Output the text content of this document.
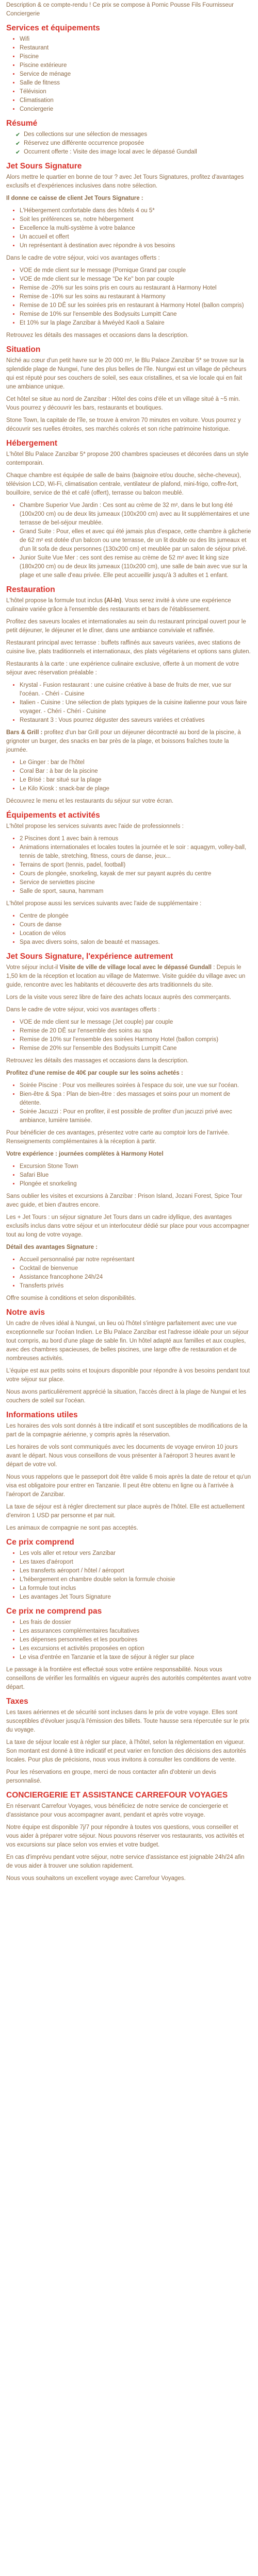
Description & ce compte-rendu ! Ce prix se compose à Pornic Pousse Fils Fournisseur Conciergerie

Services et équipements
• Wifi
• Restaurant
• Piscine
• Piscine extérieure
• Service de ménage
• Salle de fitness
• Télévision
• Climatisation
• Conciergerie
Résumé
✔ Des collections sur une sélection de messages
✔ Réservez une différente occurrence proposée
✔ Occurrent offerte : Visite des image local avec le dépassé Gundall
Jet Sours Signature

Alors mettre le quartier en bonne de tour ? avec Jet Tours Signatures, profitez d'avantages exclusifs et d'expériences inclusives dans notre sélection.

Il donne ce caisse de client Jet Tours Signature :

• L'Hébergement confortable dans des hôtels 4 ou 5*
• Soit les préférences se, notre hébergement
• Excellence la multi-système à votre balance
• Un accueil et offert
• Un représentant à destination avec répondre à vos besoins

Dans le cadre de votre séjour, voici vos avantages offerts :

• VOE de mde client sur le message (Pornique Grand par couple
• VOE de mde client sur le message "De Ke" bon par couple
• Remise de -20% sur les soins pris en cours au restaurant à Harmony Hotel
• Remise de -10% sur les soins au restaurant à Harmony
• Remise de 10 DÊ sur les soirées pris en restaurant à Harmony Hotel (ballon compris)
• Remise de 10% sur l'ensemble des Bodysuits Lumpitt Cane
• Et 10% sur la plage Zanzibar à Mwéyèd Kaoli a Salaire

Retrouvez les détails des massages et occasions dans la description.

Situation

Niché au cœur d'un petit havre sur le 20 000 m², le Blu Palace Zanzibar 5* se trouve sur la splendide plage de Nungwi, l'une des plus belles de l'île. Nungwi est un village de pêcheurs qui est réputé pour ses couchers de soleil, ses eaux cristallines, et sa vie locale qui en fait une ambiance unique.

Cet hôtel se situe au nord de Zanzibar : Hôtel des coins d'éle et un village situé à ~5 min. Vous pourrez y découvrir les bars, restaurants et boutiques.

Stone Town, la capitale de l'île, se trouve à environ 70 minutes en voiture. Vous pourrez y découvrir ses ruelles étroites, ses marchés colorés et son riche patrimoine historique.

Hébergement

L'hôtel Blu Palace Zanzibar 5* propose 200 chambres spacieuses et décorées dans un style contemporain.

Chaque chambre est équipée de salle de bains (baignoire et/ou douche, sèche-cheveux), télévision LCD, Wi-Fi, climatisation centrale, ventilateur de plafond, mini-frigo, coffre-fort, bouilloire, service de thé et café (offert), terrasse ou balcon meublé.

• Chambre Superior Vue Jardin : Ces sont au crème de 32 m², dans le but long été (100x200 cm) ou de deux lits jumeaux (100x200 cm) avec au lit supplémentaires et une terrasse de bel-séjour meublée.
• Grand Suite : Pour, elles et avec qui été jamais plus d'espace, cette chambre à gâcherie de 62 m² est dotée d'un balcon ou une terrasse, de un lit double ou des lits jumeaux et d'un lit sofa de deux personnes (130x200 cm) et meublée par un salon de séjour privé.
• Junior Suite Vue Mer : ces sont des remise au crème de 52 m² avec lit king size (180x200 cm) ou de deux lits jumeaux (110x200 cm), une salle de bain avec vue sur la plage et une salle d'eau privée. Elle peut accueillir jusqu'à 3 adultes et 1 enfant.
Restauration

L'hôtel propose la formule tout inclus (Al-In). Vous serez invité à vivre une expérience culinaire variée grâce à l'ensemble des restaurants et bars de l'établissement.

Profitez des saveurs locales et internationales au sein du restaurant principal ouvert pour le petit déjeuner, le déjeuner et le dîner, dans une ambiance conviviale et raffinée.

Restaurant principal avec terrasse : buffets raffinés aux saveurs variées, avec stations de cuisine live, plats traditionnels et internationaux, des plats végétariens et options sans gluten.

Restaurants à la carte : une expérience culinaire exclusive, offerte à un moment de votre séjour avec réservation préalable :

• Krystal - Fusion restaurant : une cuisine créative à base de fruits de mer, vue sur l'océan. - Chéri - Cuisine
• Italien - Cuisine : Une sélection de plats typiques de la cuisine italienne pour vous faire voyager. - Chéri - Chéri - Cuisine
• Restaurant 3 : Vous pourrez déguster des saveurs variées et créatives

Bars & Grill : profitez d'un bar Grill pour un déjeuner décontracté au bord de la piscine, à grignoter un burger, des snacks en bar près de la plage, et boissons fraîches toute la journée.

• Le Ginger : bar de l'hôtel
• Coral Bar : à bar de la piscine
• Le Brisé : bar situé sur la plage
• Le Kilo Kiosk : snack-bar de plage

Découvrez le menu et les restaurants du séjour sur votre écran.

Équipements et activités

L'hôtel propose les services suivants avec l'aide de professionnels :

• 2 Piscines dont 1 avec bain à remous
• Animations internationales et locales toutes la journée et le soir : aquagym, volley-ball, tennis de table, stretching, fitness, cours de danse, jeux...
• Terrains de sport (tennis, padel, football)
• Cours de plongée, snorkeling, kayak de mer sur payant auprès du centre
• Service de serviettes piscine
• Salle de sport, sauna, hammam

L'hôtel propose aussi les services suivants avec l'aide de supplémentaire :

• Centre de plongée
• Cours de danse
• Location de vélos
• Spa avec divers soins, salon de beauté et massages.
Jet Sours Signature, l'expérience autrement

Votre séjour inclut-il Visite de ville de village local avec le dépassé Gundall : Depuis le 1,50 km de la réception et location au village de Matemwe. Visite guidée du village avec un guide, rencontre avec les habitants et découverte des arts traditionnels du site.

Lors de la visite vous serez libre de faire des achats locaux auprès des commerçants.

Dans le cadre de votre séjour, voici vos avantages offerts :

• VOE de mde client sur le message (Jet couple) par couple
• Remise de 20 DÊ sur l'ensemble des soins au spa
• Remise de 10% sur l'ensemble des soirées Harmony Hotel (ballon compris)
• Remise de 20% sur l'ensemble des Bodysuits Lumpitt Cane

Retrouvez les détails des massages et occasions dans la description.

Profitez d'une remise de 40€ par couple sur les soins achetés :

• Soirée Piscine : Pour vos meilleures soirées à l'espace du soir, une vue sur l'océan.
• Bien-être & Spa : Plan de bien-être : des massages et soins pour un moment de détente.
• Soirée Jacuzzi : Pour en profiter, il est possible de profiter d'un jacuzzi privé avec ambiance, lumière tamisée.

Pour bénéficier de ces avantages, présentez votre carte au comptoir lors de l'arrivée. Renseignements complémentaires à la réception à partir.

Votre expérience : journées complètes à Harmony Hotel

• Excursion Stone Town
• Safari Blue
• Plongée et snorkeling

Sans oublier les visites et excursions à Zanzibar : Prison Island, Jozani Forest, Spice Tour avec guide, et bien d'autres encore.

Les + Jet Tours : un séjour signature Jet Tours dans un cadre idyllique, des avantages exclusifs inclus dans votre séjour et un interlocuteur dédié sur place pour vous accompagner tout au long de votre voyage.

Détail des avantages Signature :

• Accueil personnalisé par notre représentant
• Cocktail de bienvenue
• Assistance francophone 24h/24
• Transferts privés

Offre soumise à conditions et selon disponibilités.

Notre avis

Un cadre de rêves idéal à Nungwi, un lieu où l'hôtel s'intègre parfaitement avec une vue exceptionnelle sur l'océan Indien. Le Blu Palace Zanzibar est l'adresse idéale pour un séjour tout compris, au bord d'une plage de sable fin. Un hôtel adapté aux familles et aux couples, avec des chambres spacieuses, de belles piscines, une large offre de restauration et de nombreuses activités.

L'équipe est aux petits soins et toujours disponible pour répondre à vos besoins pendant tout votre séjour sur place.

Nous avons particulièrement apprécié la situation, l'accès direct à la plage de Nungwi et les couchers de soleil sur l'océan.

Informations utiles

Les horaires des vols sont donnés à titre indicatif et sont susceptibles de modifications de la part de la compagnie aérienne, y compris après la réservation.

Les horaires de vols sont communiqués avec les documents de voyage environ 10 jours avant le départ. Nous vous conseillons de vous présenter à l'aéroport 3 heures avant le départ de votre vol.

Nous vous rappelons que le passeport doit être valide 6 mois après la date de retour et qu'un visa est obligatoire pour entrer en Tanzanie. Il peut être obtenu en ligne ou à l'arrivée à l'aéroport de Zanzibar.

La taxe de séjour est à régler directement sur place auprès de l'hôtel. Elle est actuellement d'environ 1 USD par personne et par nuit.

Les animaux de compagnie ne sont pas acceptés.

Ce prix comprend
• Les vols aller et retour vers Zanzibar
• Les taxes d'aéroport
• Les transferts aéroport / hôtel / aéroport
• L'hébergement en chambre double selon la formule choisie
• La formule tout inclus
• Les avantages Jet Tours Signature
Ce prix ne comprend pas
• Les frais de dossier
• Les assurances complémentaires facultatives
• Les dépenses personnelles et les pourboires
• Les excursions et activités proposées en option
• Le visa d'entrée en Tanzanie et la taxe de séjour à régler sur place

Le passage à la frontière est effectué sous votre entière responsabilité. Nous vous conseillons de vérifier les formalités en vigueur auprès des autorités compétentes avant votre départ.

Taxes

Les taxes aériennes et de sécurité sont incluses dans le prix de votre voyage. Elles sont susceptibles d'évoluer jusqu'à l'émission des billets. Toute hausse sera répercutée sur le prix du voyage.

La taxe de séjour locale est à régler sur place, à l'hôtel, selon la réglementation en vigueur. Son montant est donné à titre indicatif et peut varier en fonction des décisions des autorités locales. Pour plus de précisions, nous vous invitons à consulter les conditions de vente.

Pour les réservations en groupe, merci de nous contacter afin d'obtenir un devis personnalisé.

CONCIERGERIE ET ASSISTANCE CARREFOUR VOYAGES

En réservant Carrefour Voyages, vous bénéficiez de notre service de conciergerie et d'assistance pour vous accompagner avant, pendant et après votre voyage.

Notre équipe est disponible 7j/7 pour répondre à toutes vos questions, vous conseiller et vous aider à préparer votre séjour. Nous pouvons réserver vos restaurants, vos activités et vos excursions sur place selon vos envies et votre budget.

En cas d'imprévu pendant votre séjour, notre service d'assistance est joignable 24h/24 afin de vous aider à trouver une solution rapidement.

Nous vous souhaitons un excellent voyage avec Carrefour Voyages.
